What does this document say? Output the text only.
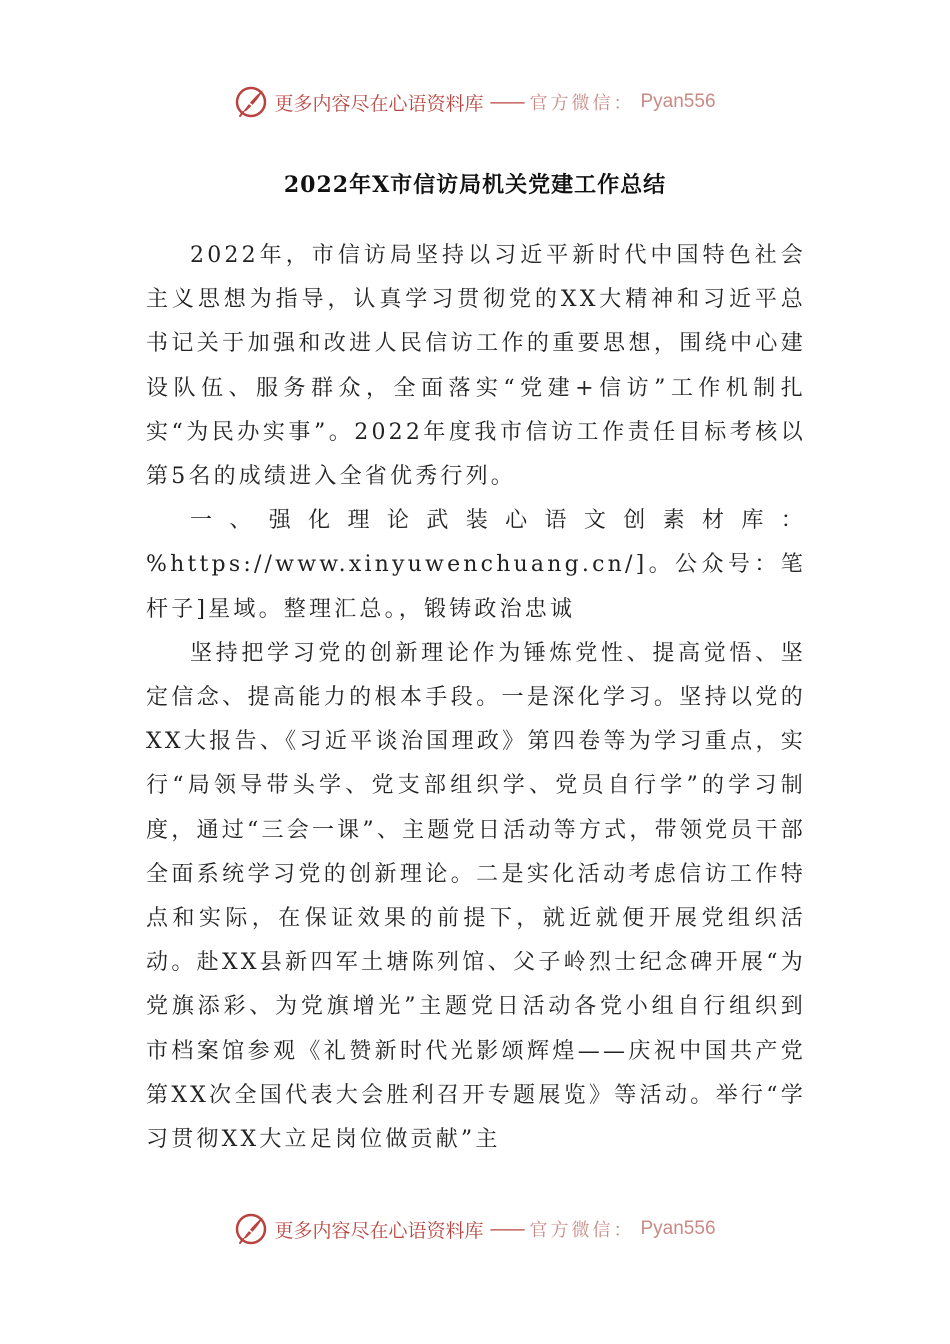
更多内容尽在心语资料库 —— 官方微信： Pyan556
2022年X市信访局机关党建工作总结

2022年，市信访局坚持以习近平新时代中国特色社会主义思想为指导，认真学习贯彻党的XX大精神和习近平总书记关于加强和改进人民信访工作的重要思想，围绕中心建设队伍、服务群众，全面落实“党建+信访”工作机制扎实“为民办实事”。2022年度我市信访工作责任目标考核以第5名的成绩进入全省优秀行列。

一、强化理论武装心语文创素材库：%https://www.xinyuwenchuang.cn/]。公众号：笔杆子]星域。整理汇总。，锻铸政治忠诚

坚持把学习党的创新理论作为锤炼党性、提高觉悟、坚定信念、提高能力的根本手段。一是深化学习。坚持以党的XX大报告、《习近平谈治国理政》第四卷等为学习重点，实行“局领导带头学、党支部组织学、党员自行学”的学习制度，通过“三会一课”、主题党日活动等方式，带领党员干部全面系统学习党的创新理论。二是实化活动考虑信访工作特点和实际，在保证效果的前提下，就近就便开展党组织活动。赴XX县新四军土塘陈列馆、父子岭烈士纪念碑开展“为党旗添彩、为党旗增光”主题党日活动各党小组自行组织到市档案馆参观《礼赞新时代光影颂辉煌——庆祝中国共产党第XX次全国代表大会胜利召开专题展览》等活动。举行“学习贯彻XX大立足岗位做贡献”主

更多内容尽在心语资料库 —— 官方微信： Pyan556
